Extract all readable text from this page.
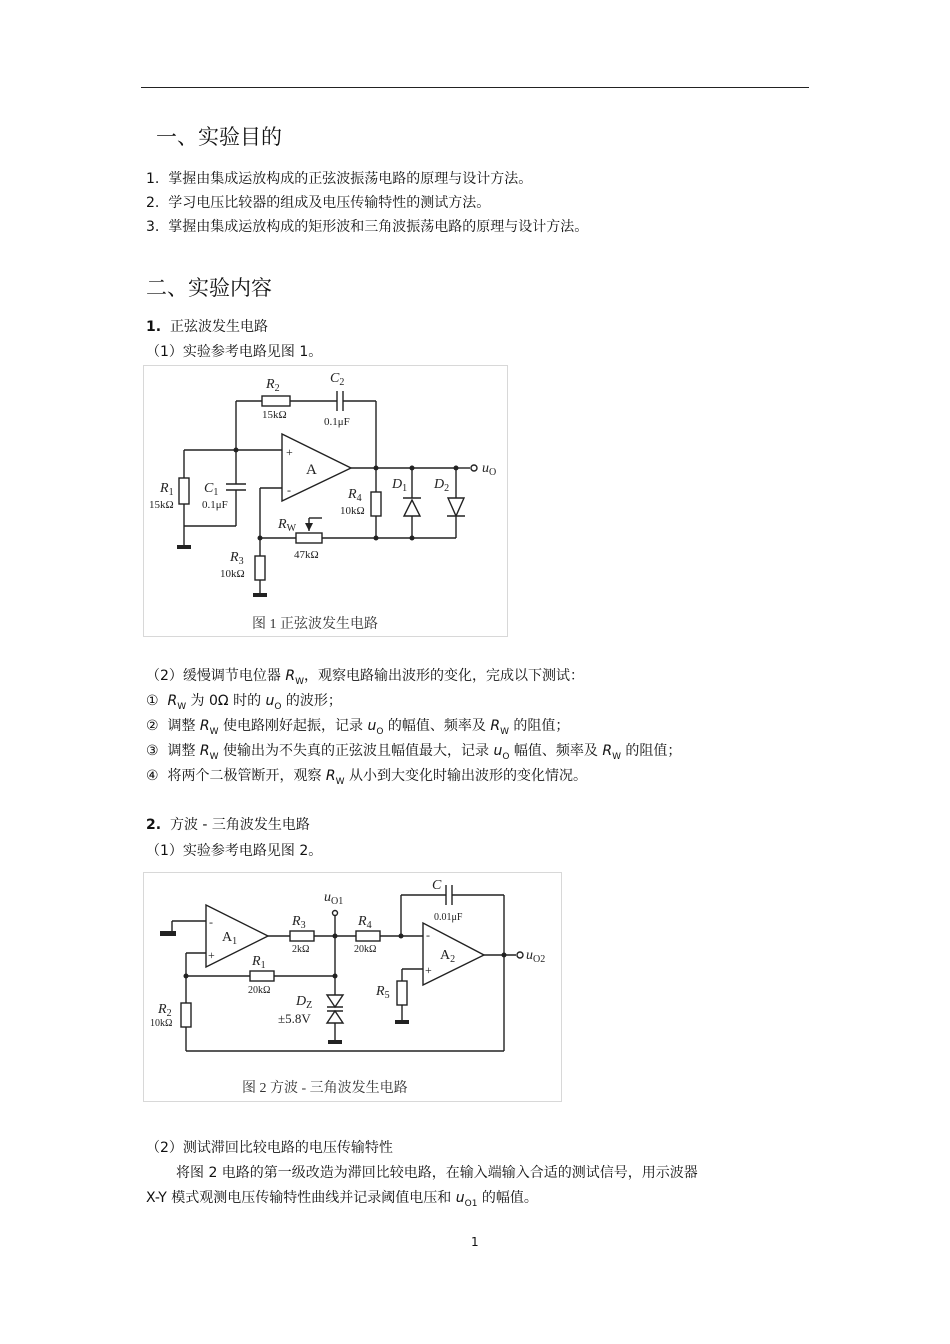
一、实验目的
1. 掌握由集成运放构成的正弦波振荡电路的原理与设计方法。
2. 学习电压比较器的组成及电压传输特性的测试方法。
3. 掌握由集成运放构成的矩形波和三角波振荡电路的原理与设计方法。
二、实验内容
1. 正弦波发生电路
（1）实验参考电路见图 1。
$R_2$
15kΩ
$C_2$
0.1μF
$R_1$
15kΩ
$C_1$
0.1μF
A
+
-	$R_4$
10kΩ
$D_1$ $D_2$
$R_W$
47kΩ
$R_3$
10kΩ
$u_O$
图 1 正弦波发生电路
（2）缓慢调节电位器 $R_W$，观察电路输出波形的变化，完成以下测试：
① $R_W$ 为 0Ω 时的 $u_O$ 的波形；
② 调整 $R_W$ 使电路刚好起振，记录 $u_O$ 的幅值、频率及 $R_W$ 的阻值；
③ 调整 $R_W$ 使输出为不失真的正弦波且幅值最大，记录 $u_O$ 幅值、频率及 $R_W$ 的阻值；
④ 将两个二极管断开，观察 $R_W$ 从小到大变化时输出波形的变化情况。
2. 方波 - 三角波发生电路
（1）实验参考电路见图 2。
-
+
$A_1$
$R_3$
2kΩ
$R_4$
20kΩ
$u_{O1}$
$R_1$
20kΩ
$R_2$
10kΩ
$D_Z$
±5.8V
C
0.01μF
-
+
$A_2$
$R_5$
$u_{O2}$
图 2 方波 - 三角波发生电路
（2）测试滞回比较电路的电压传输特性
将图 2 电路的第一级改造为滞回比较电路，在输入端输入合适的测试信号，用示波器
X-Y 模式观测电压传输特性曲线并记录阈值电压和 $u_{O1}$ 的幅值。
1
